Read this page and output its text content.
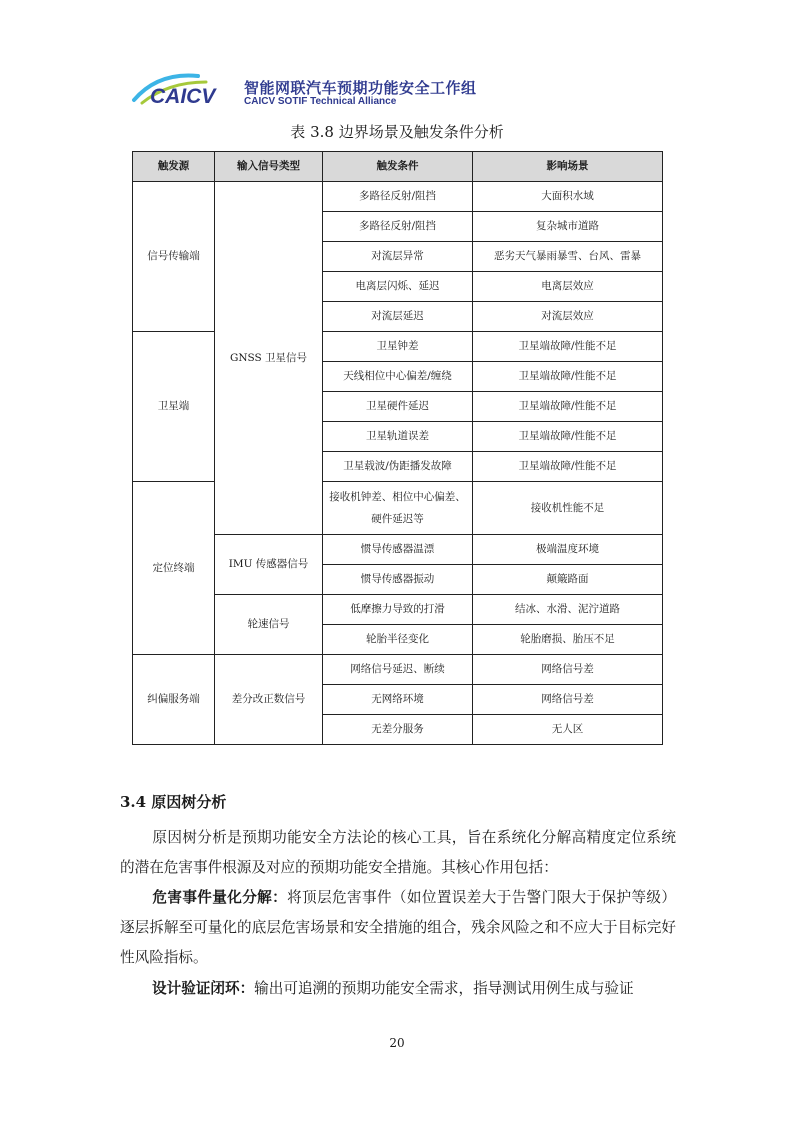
CAICV 智能网联汽车预期功能安全工作组
CAICV SOTIF Technical Alliance
表 3.8 边界场景及触发条件分析
触发源	输入信号类型	触发条件	影响场景
信号传输端	GNSS 卫星信号	多路径反射/阻挡	大面积水域
		多路径反射/阻挡	复杂城市道路
		对流层异常	恶劣天气暴雨暴雪、台风、雷暴
		电离层闪烁、延迟	电离层效应
		对流层延迟	对流层效应
卫星端		卫星钟差	卫星端故障/性能不足
		天线相位中心偏差/缠绕	卫星端故障/性能不足
		卫星硬件延迟	卫星端故障/性能不足
		卫星轨道误差	卫星端故障/性能不足
		卫星载波/伪距播发故障	卫星端故障/性能不足
定位终端		接收机钟差、相位中心偏差、硬件延迟等	接收机性能不足
	IMU 传感器信号	惯导传感器温漂	极端温度环境
		惯导传感器振动	颠簸路面
	轮速信号	低摩擦力导致的打滑	结冰、水滑、泥泞道路
		轮胎半径变化	轮胎磨损、胎压不足
纠偏服务端	差分改正数信号	网络信号延迟、断续	网络信号差
		无网络环境	网络信号差
		无差分服务	无人区
3.4 原因树分析
原因树分析是预期功能安全方法论的核心工具，旨在系统化分解高精度定位系统的潜在危害事件根源及对应的预期功能安全措施。其核心作用包括：
危害事件量化分解：将顶层危害事件（如位置误差大于告警门限大于保护等级）逐层拆解至可量化的底层危害场景和安全措施的组合，残余风险之和不应大于目标完好性风险指标。
设计验证闭环：输出可追溯的预期功能安全需求，指导测试用例生成与验证
20
